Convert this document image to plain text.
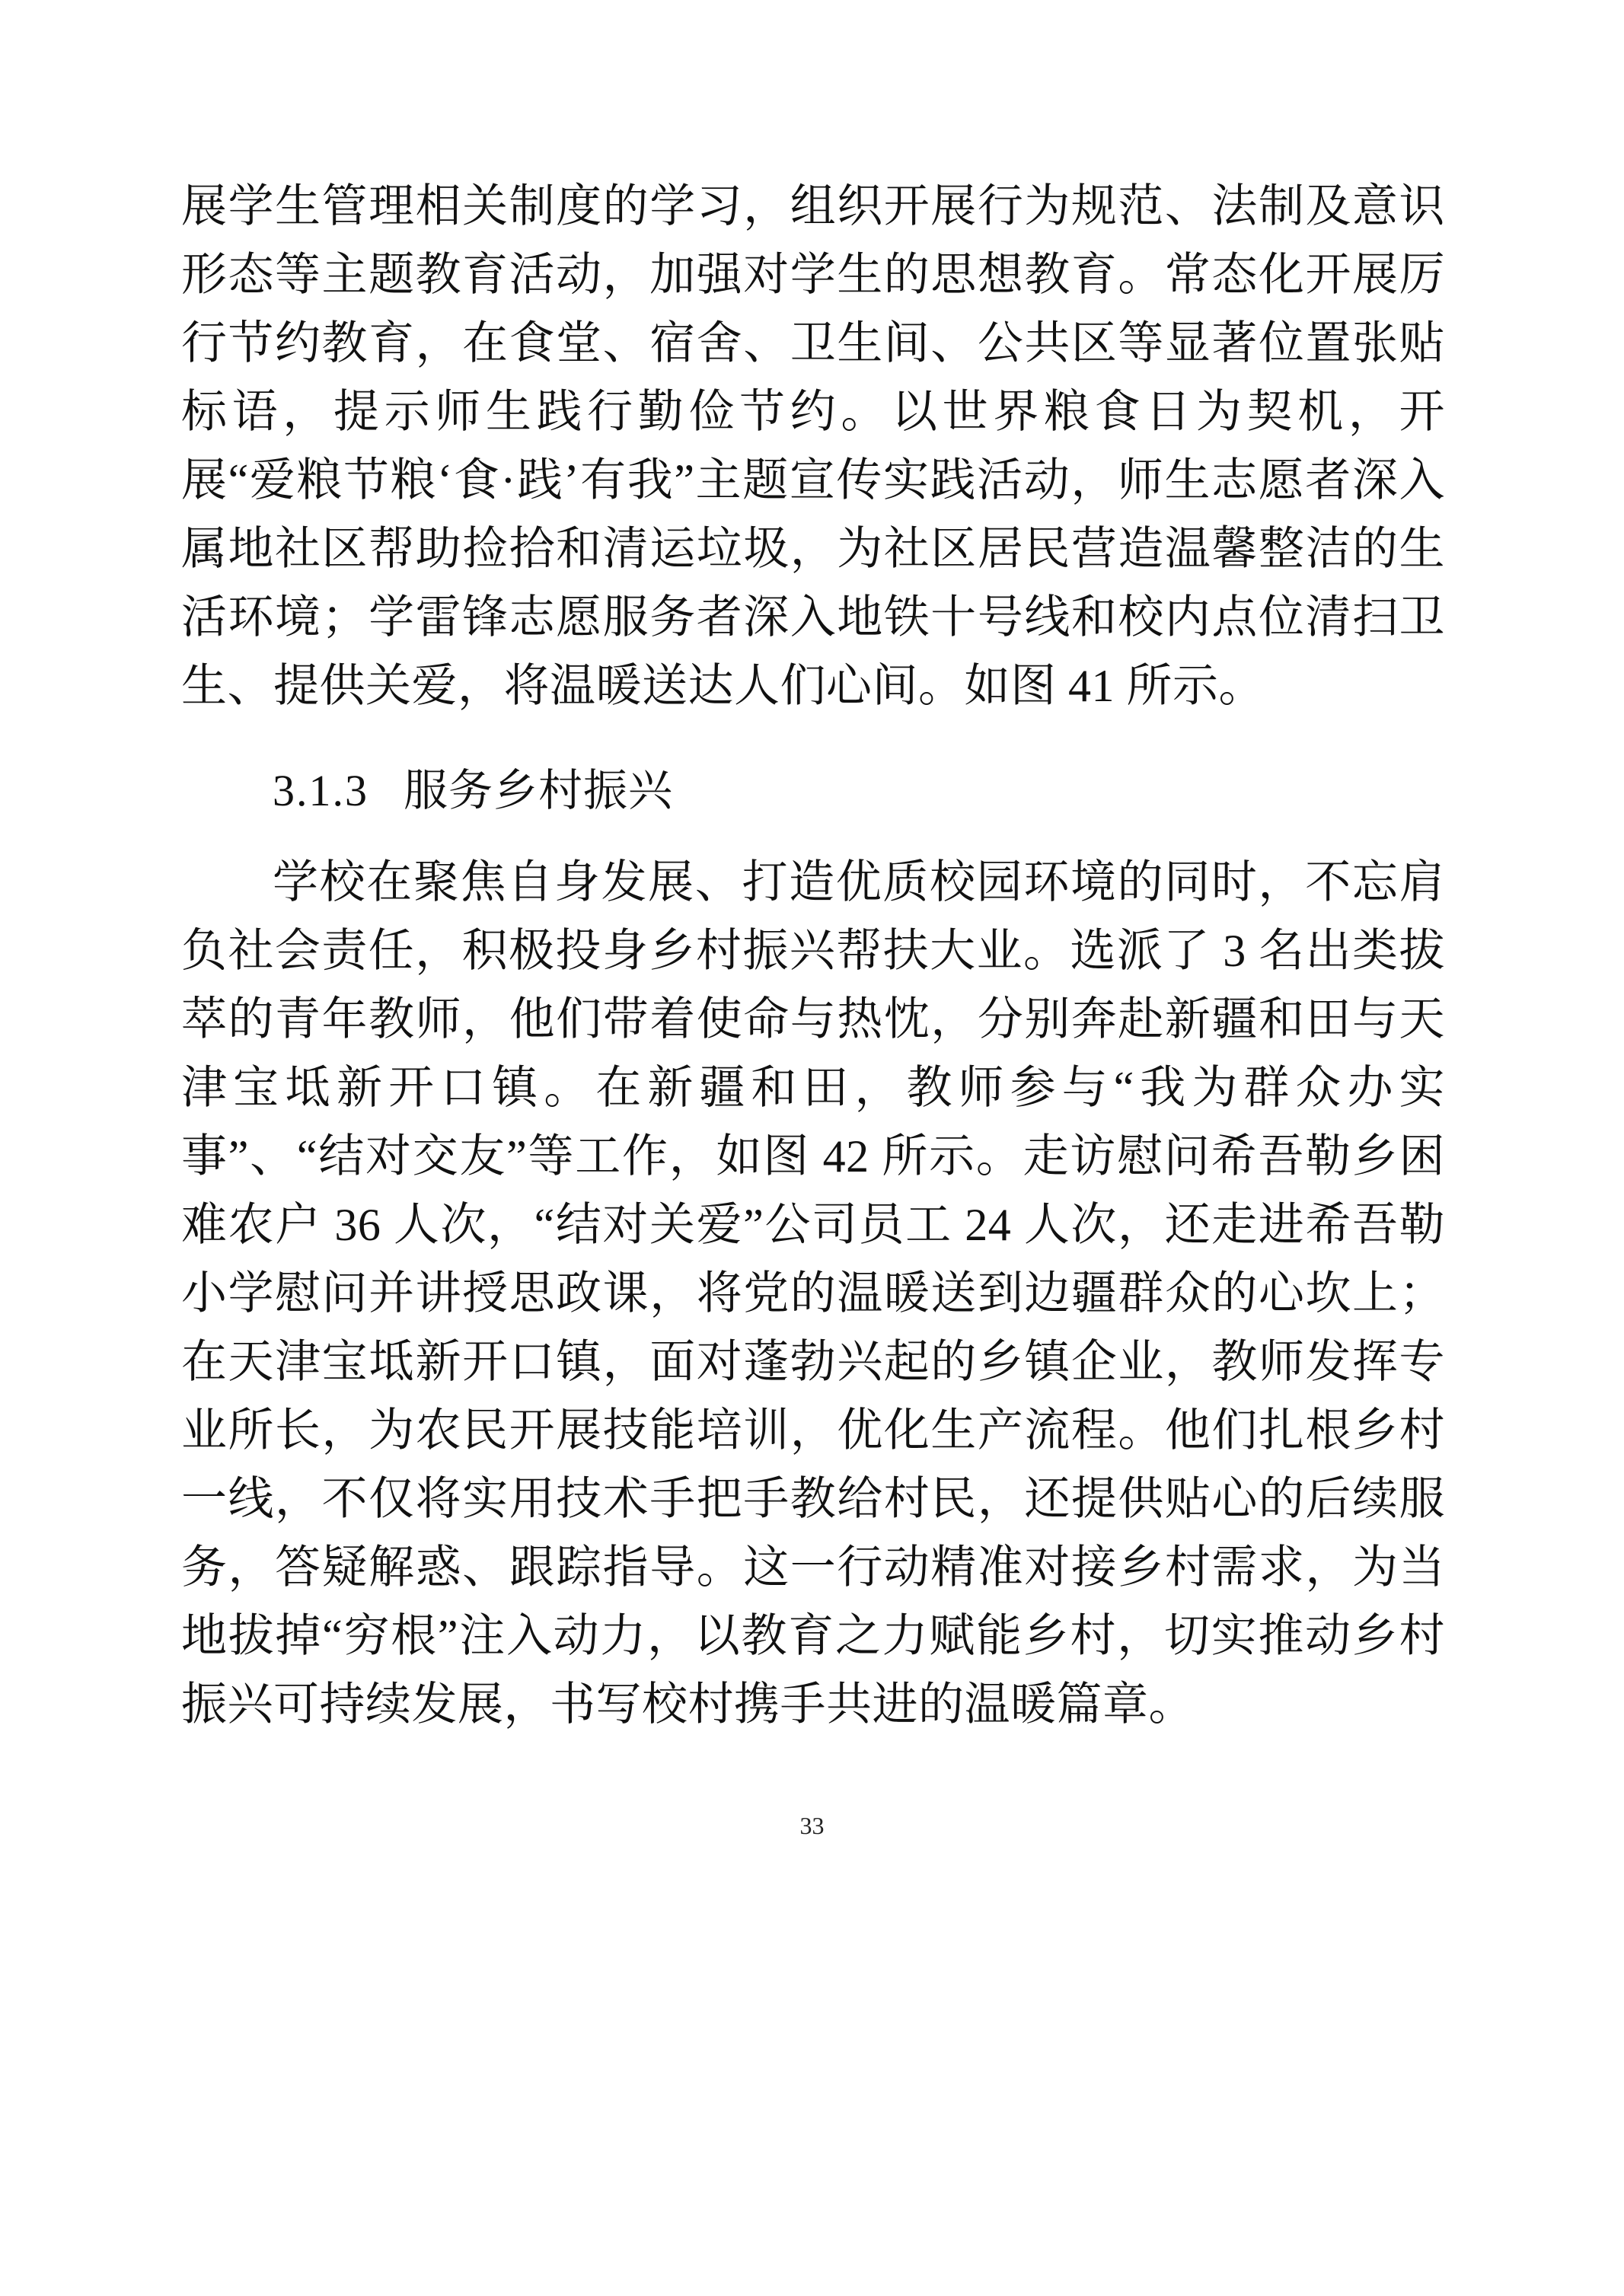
展学生管理相关制度的学习，组织开展行为规范、法制及意识形态等主题教育活动，加强对学生的思想教育。常态化开展厉行节约教育，在食堂、宿舍、卫生间、公共区等显著位置张贴标语，提示师生践行勤俭节约。以世界粮食日为契机，开展“爱粮节粮‘食·践’有我”主题宣传实践活动，师生志愿者深入属地社区帮助捡拾和清运垃圾，为社区居民营造温馨整洁的生活环境；学雷锋志愿服务者深入地铁十号线和校内点位清扫卫生、提供关爱，将温暖送达人们心间。如图 41 所示。

3.1.3 服务乡村振兴

学校在聚焦自身发展、打造优质校园环境的同时，不忘肩负社会责任，积极投身乡村振兴帮扶大业。选派了 3 名出类拔萃的青年教师，他们带着使命与热忱，分别奔赴新疆和田与天津宝坻新开口镇。在新疆和田，教师参与“我为群众办实事”、“结对交友”等工作，如图 42 所示。走访慰问希吾勒乡困难农户 36 人次，“结对关爱”公司员工 24 人次，还走进希吾勒小学慰问并讲授思政课，将党的温暖送到边疆群众的心坎上；在天津宝坻新开口镇，面对蓬勃兴起的乡镇企业，教师发挥专业所长，为农民开展技能培训，优化生产流程。他们扎根乡村一线，不仅将实用技术手把手教给村民，还提供贴心的后续服务，答疑解惑、跟踪指导。这一行动精准对接乡村需求，为当地拔掉“穷根”注入动力，以教育之力赋能乡村，切实推动乡村振兴可持续发展，书写校村携手共进的温暖篇章。

33
